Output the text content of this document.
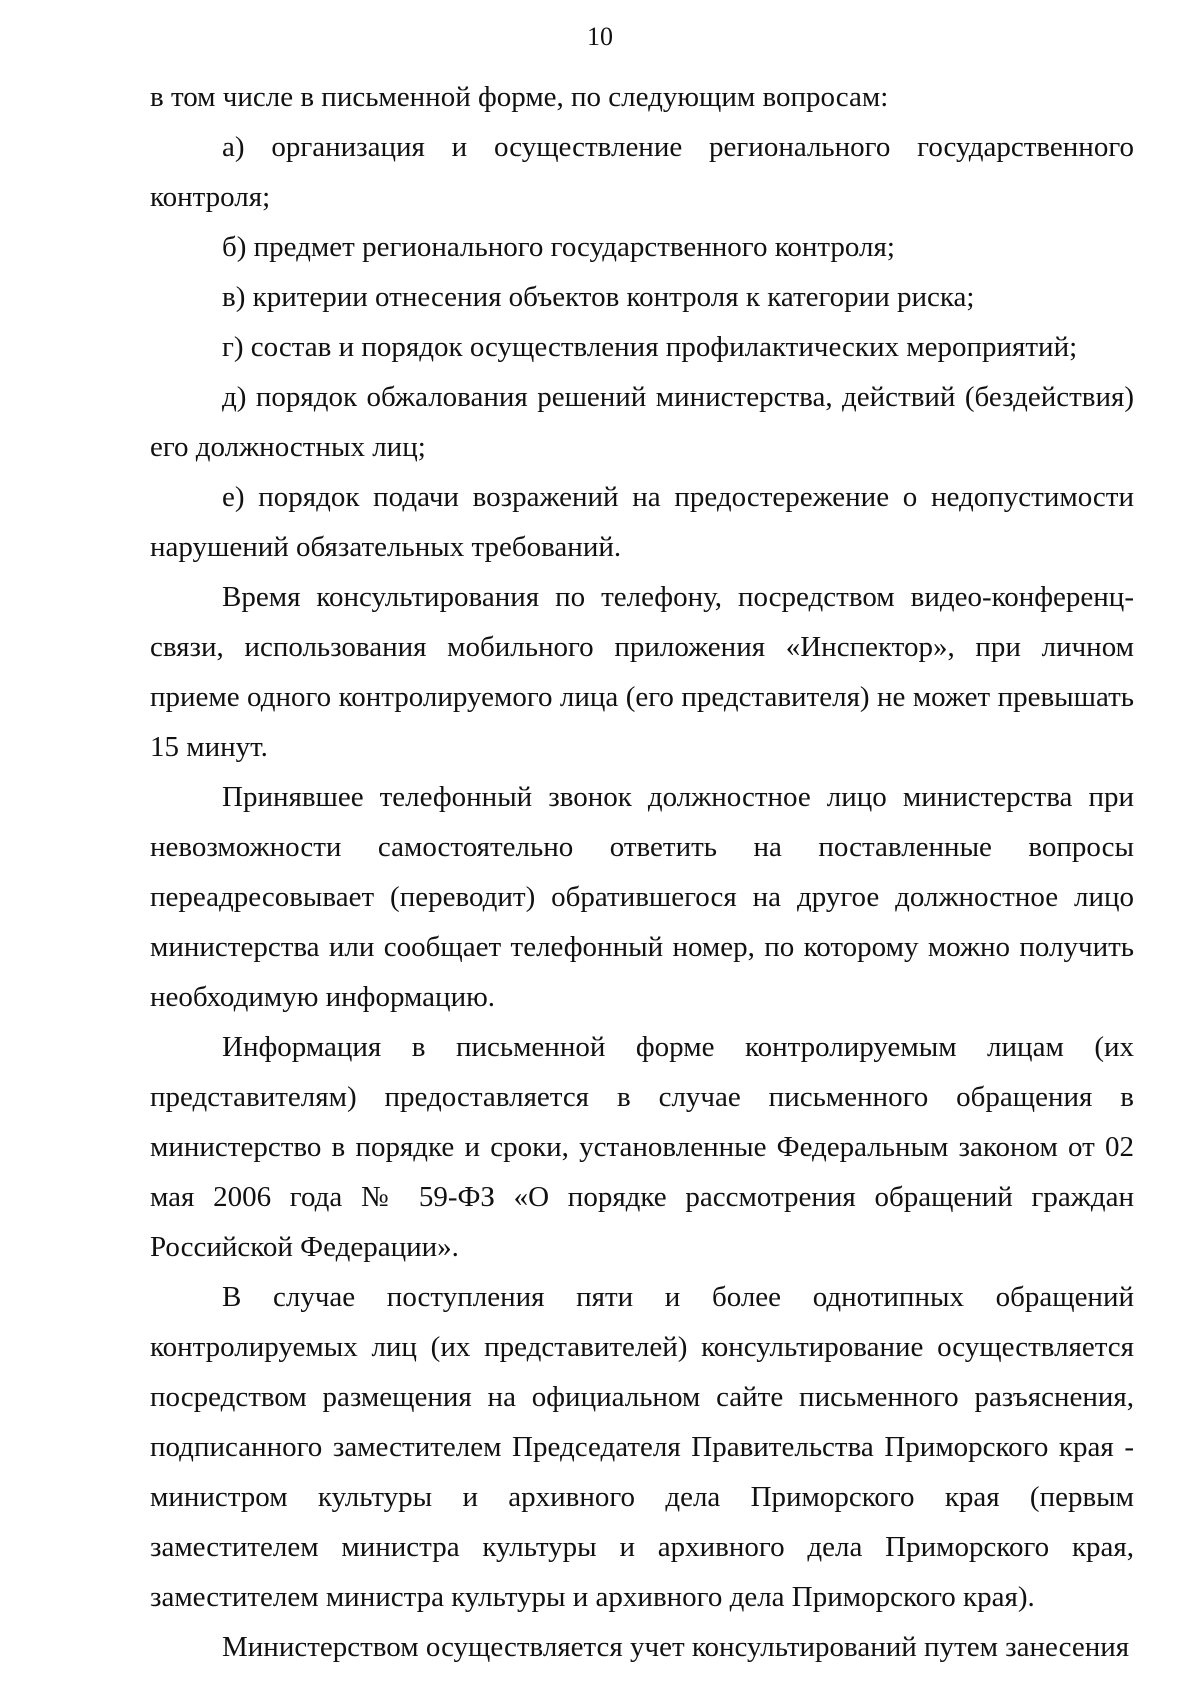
10

в том числе в письменной форме, по следующим вопросам:

а) организация и осуществление регионального государственного контроля;

б) предмет регионального государственного контроля;

в) критерии отнесения объектов контроля к категории риска;

г) состав и порядок осуществления профилактических мероприятий;

д) порядок обжалования решений министерства, действий (бездействия) его должностных лиц;

е) порядок подачи возражений на предостережение о недопустимости нарушений обязательных требований.

Время консультирования по телефону, посредством видео-конференц-связи, использования мобильного приложения «Инспектор», при личном приеме одного контролируемого лица (его представителя) не может превышать 15 минут.

Принявшее телефонный звонок должностное лицо министерства при невозможности самостоятельно ответить на поставленные вопросы переадресовывает (переводит) обратившегося на другое должностное лицо министерства или сообщает телефонный номер, по которому можно получить необходимую информацию.

Информация в письменной форме контролируемым лицам (их представителям) предоставляется в случае письменного обращения в министерство в порядке и сроки, установленные Федеральным законом от 02 мая 2006 года № 59-ФЗ «О порядке рассмотрения обращений граждан Российской Федерации».

В случае поступления пяти и более однотипных обращений контролируемых лиц (их представителей) консультирование осуществляется посредством размещения на официальном сайте письменного разъяснения, подписанного заместителем Председателя Правительства Приморского края - министром культуры и архивного дела Приморского края (первым заместителем министра культуры и архивного дела Приморского края, заместителем министра культуры и архивного дела Приморского края).

Министерством осуществляется учет консультирований путем занесения
